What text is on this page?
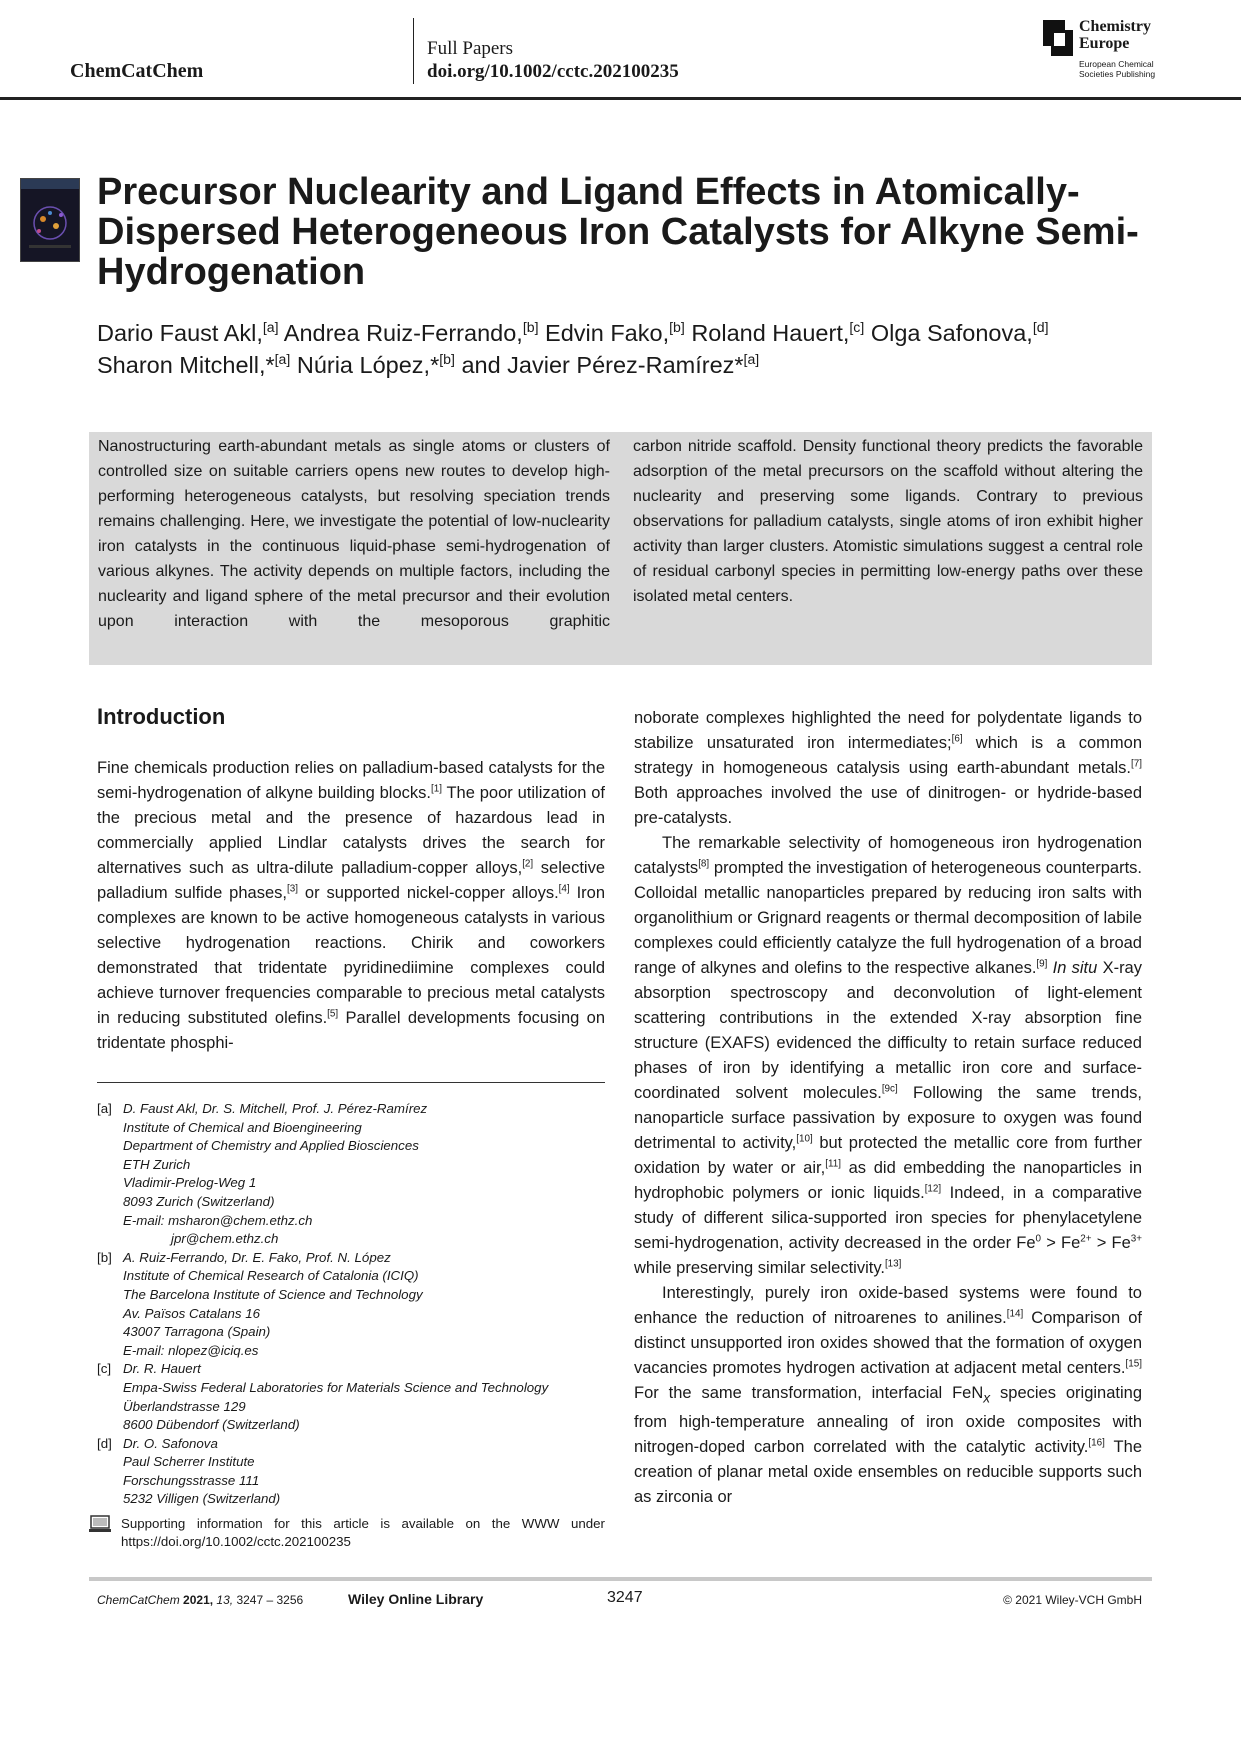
ChemCatChem
Full Papers
doi.org/10.1002/cctc.202100235
Chemistry
Europe
European Chemical
Societies Publishing
Precursor Nuclearity and Ligand Effects in Atomically-Dispersed Heterogeneous Iron Catalysts for Alkyne Semi-Hydrogenation
Dario Faust Akl,[a] Andrea Ruiz-Ferrando,[b] Edvin Fako,[b] Roland Hauert,[c] Olga Safonova,[d]
Sharon Mitchell,*[a] Núria López,*[b] and Javier Pérez-Ramírez*[a]

Nanostructuring earth-abundant metals as single atoms or clusters of controlled size on suitable carriers opens new routes to develop high-performing heterogeneous catalysts, but resolving speciation trends remains challenging. Here, we investigate the potential of low-nuclearity iron catalysts in the continuous liquid-phase semi-hydrogenation of various alkynes. The activity depends on multiple factors, including the nuclearity and ligand sphere of the metal precursor and their evolution upon interaction with the mesoporous graphitic

carbon nitride scaffold. Density functional theory predicts the favorable adsorption of the metal precursors on the scaffold without altering the nuclearity and preserving some ligands. Contrary to previous observations for palladium catalysts, single atoms of iron exhibit higher activity than larger clusters. Atomistic simulations suggest a central role of residual carbonyl species in permitting low-energy paths over these isolated metal centers.

Introduction

Fine chemicals production relies on palladium-based catalysts for the semi-hydrogenation of alkyne building blocks.[1] The poor utilization of the precious metal and the presence of hazardous lead in commercially applied Lindlar catalysts drives the search for alternatives such as ultra-dilute palladium-copper alloys,[2] selective palladium sulfide phases,[3] or supported nickel-copper alloys.[4] Iron complexes are known to be active homogeneous catalysts in various selective hydrogenation reactions. Chirik and coworkers demonstrated that tridentate pyridinediimine complexes could achieve turnover frequencies comparable to precious metal catalysts in reducing substituted olefins.[5] Parallel developments focusing on tridentate phosphi-

noborate complexes highlighted the need for polydentate ligands to stabilize unsaturated iron intermediates;[6] which is a common strategy in homogeneous catalysis using earth-abundant metals.[7] Both approaches involved the use of dinitrogen- or hydride-based pre-catalysts.

The remarkable selectivity of homogeneous iron hydrogenation catalysts[8] prompted the investigation of heterogeneous counterparts. Colloidal metallic nanoparticles prepared by reducing iron salts with organolithium or Grignard reagents or thermal decomposition of labile complexes could efficiently catalyze the full hydrogenation of a broad range of alkynes and olefins to the respective alkanes.[9] In situ X-ray absorption spectroscopy and deconvolution of light-element scattering contributions in the extended X-ray absorption fine structure (EXAFS) evidenced the difficulty to retain surface reduced phases of iron by identifying a metallic iron core and surface-coordinated solvent molecules.[9c] Following the same trends, nanoparticle surface passivation by exposure to oxygen was found detrimental to activity,[10] but protected the metallic core from further oxidation by water or air,[11] as did embedding the nanoparticles in hydrophobic polymers or ionic liquids.[12] Indeed, in a comparative study of different silica-supported iron species for phenylacetylene semi-hydrogenation, activity decreased in the order $Fe^0 > Fe^{2+} > Fe^{3+}$ while preserving similar selectivity.[13]

Interestingly, purely iron oxide-based systems were found to enhance the reduction of nitroarenes to anilines.[14] Comparison of distinct unsupported iron oxides showed that the formation of oxygen vacancies promotes hydrogen activation at adjacent metal centers.[15] For the same transformation, interfacial FeN$_x$ species originating from high-temperature annealing of iron oxide composites with nitrogen-doped carbon correlated with the catalytic activity.[16] The creation of planar metal oxide ensembles on reducible supports such as zirconia or

[a] D. Faust Akl, Dr. S. Mitchell, Prof. J. Pérez-Ramírez
Institute of Chemical and Bioengineering
Department of Chemistry and Applied Biosciences
ETH Zurich
Vladimir-Prelog-Weg 1
8093 Zurich (Switzerland)
E-mail: msharon@chem.ethz.ch
jpr@chem.ethz.ch
[b] A. Ruiz-Ferrando, Dr. E. Fako, Prof. N. López
Institute of Chemical Research of Catalonia (ICIQ)
The Barcelona Institute of Science and Technology
Av. Països Catalans 16
43007 Tarragona (Spain)
E-mail: nlopez@iciq.es
[c] Dr. R. Hauert
Empa-Swiss Federal Laboratories for Materials Science and Technology
Überlandstrasse 129
8600 Dübendorf (Switzerland)
[d] Dr. O. Safonova
Paul Scherrer Institute
Forschungsstrasse 111
5232 Villigen (Switzerland)
Supporting information for this article is available on the WWW under https://doi.org/10.1002/cctc.202100235
ChemCatChem 2021, 13, 3247 – 3256	Wiley Online Library	3247	© 2021 Wiley-VCH GmbH
